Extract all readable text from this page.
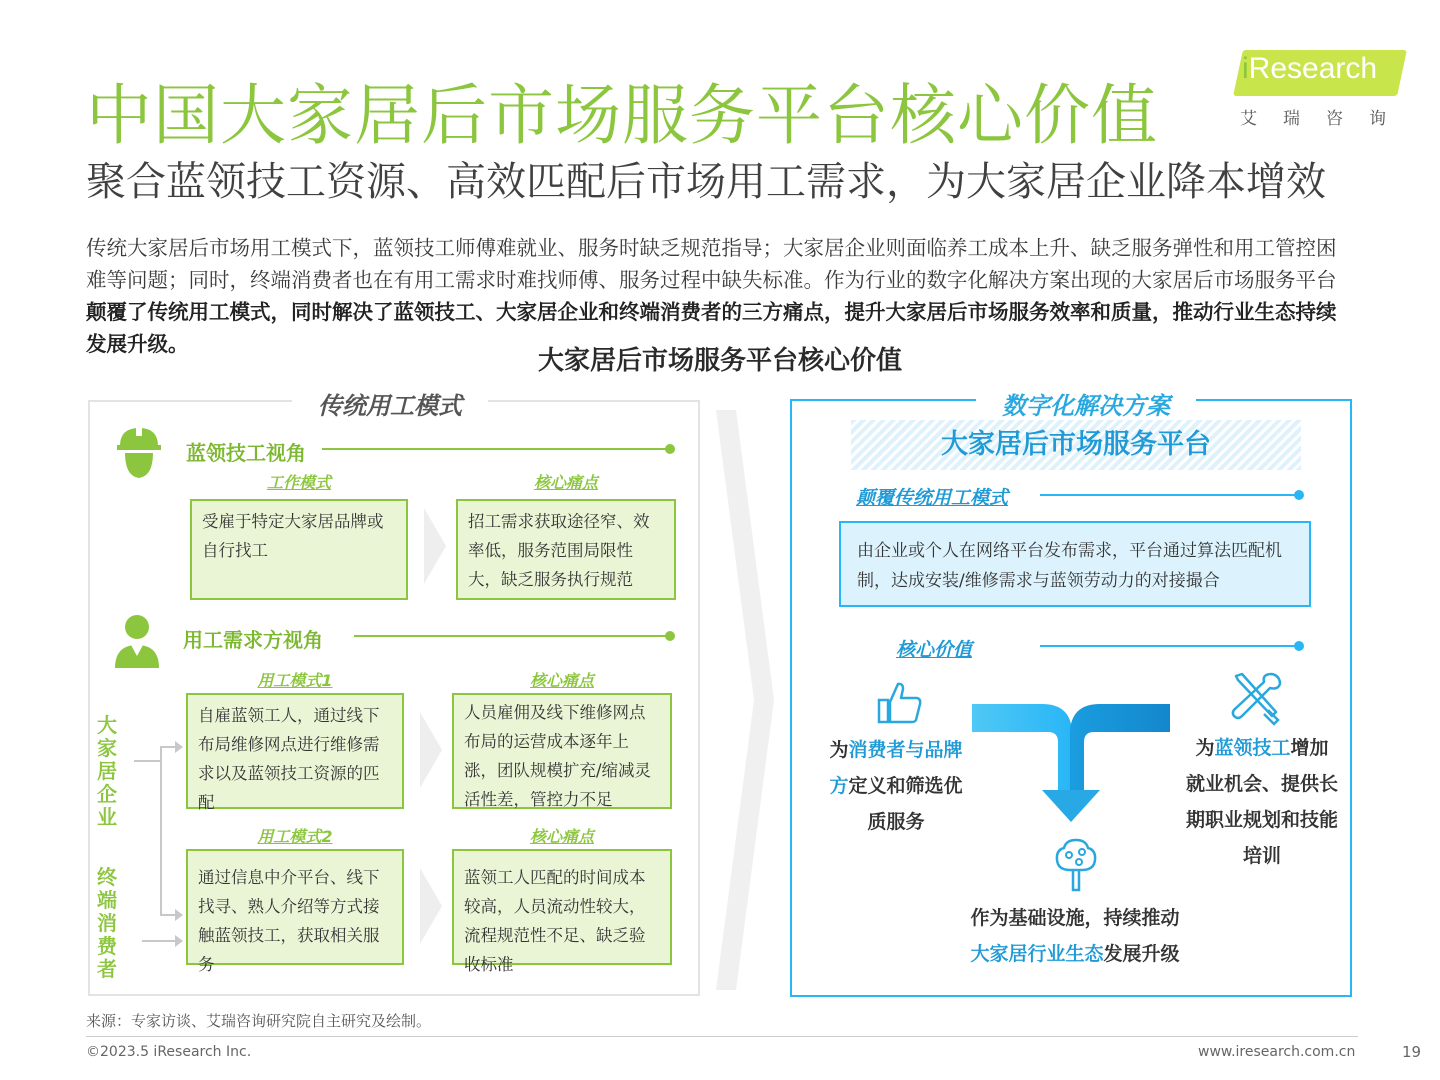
中国大家居后市场服务平台核心价值
聚合蓝领技工资源、高效匹配后市场用工需求，为大家居企业降本增效
iResearch
艾瑞咨询
传统大家居后市场用工模式下，蓝领技工师傅难就业、服务时缺乏规范指导；大家居企业则面临养工成本上升、缺乏服务弹性和用工管控困难等问题；同时，终端消费者也在有用工需求时难找师傅、服务过程中缺失标准。作为行业的数字化解决方案出现的大家居后市场服务平台颠覆了传统用工模式，同时解决了蓝领技工、大家居企业和终端消费者的三方痛点，提升大家居后市场服务效率和质量，推动行业生态持续发展升级。
大家居后市场服务平台核心价值
传统用工模式
蓝领技工视角
工作模式	核心痛点
受雇于特定大家居品牌或自行找工
招工需求获取途径窄、效率低，服务范围局限性大，缺乏服务执行规范
用工需求方视角
大家居企业
终端消费者
用工模式1	核心痛点
自雇蓝领工人，通过线下布局维修网点进行维修需求以及蓝领技工资源的匹配
人员雇佣及线下维修网点布局的运营成本逐年上涨，团队规模扩充/缩减灵活性差，管控力不足
用工模式2	核心痛点
通过信息中介平台、线下找寻、熟人介绍等方式接触蓝领技工，获取相关服务
蓝领工人匹配的时间成本较高，人员流动性较大，流程规范性不足、缺乏验收标准
数字化解决方案
大家居后市场服务平台
颠覆传统用工模式
由企业或个人在网络平台发布需求，平台通过算法匹配机制，达成安装/维修需求与蓝领劳动力的对接撮合
核心价值
为消费者与品牌方定义和筛选优质服务
为蓝领技工增加就业机会、提供长期职业规划和技能培训
作为基础设施，持续推动
大家居行业生态发展升级
来源：专家访谈、艾瑞咨询研究院自主研究及绘制。
©2023.5 iResearch Inc.	www.iresearch.com.cn	19
